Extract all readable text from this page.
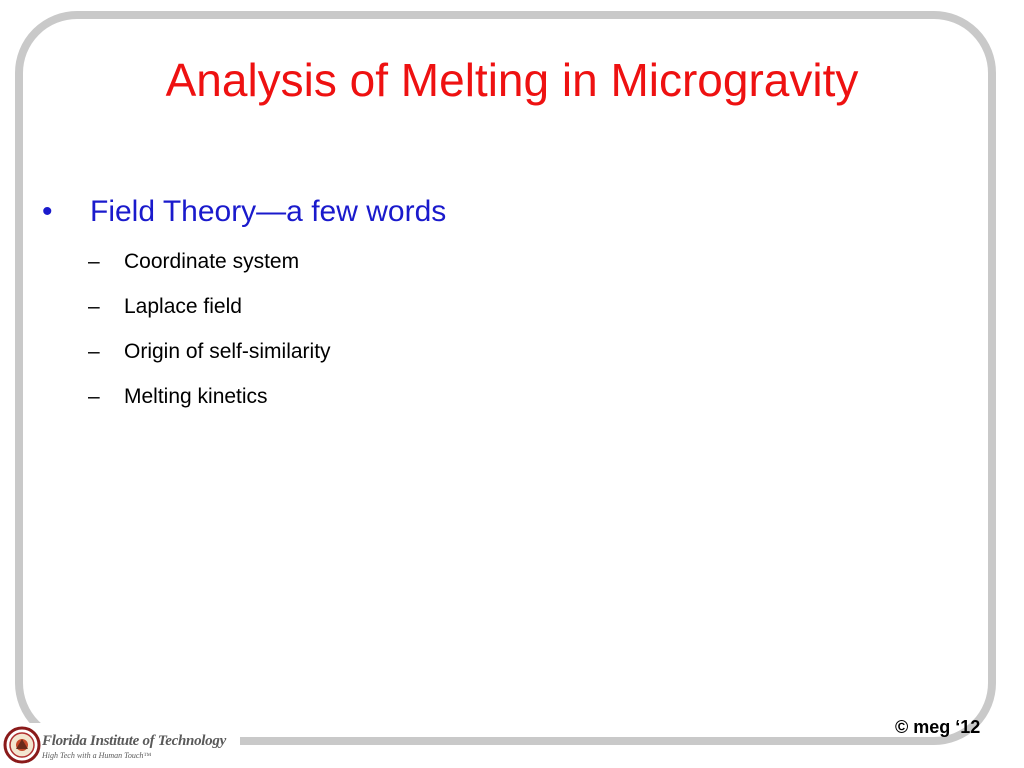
Analysis of Melting in Microgravity
• Field Theory—a few words
– Coordinate system
– Laplace field
– Origin of self-similarity
– Melting kinetics
Florida Institute of Technology
High Tech with a Human Touch™
© meg ‘12
